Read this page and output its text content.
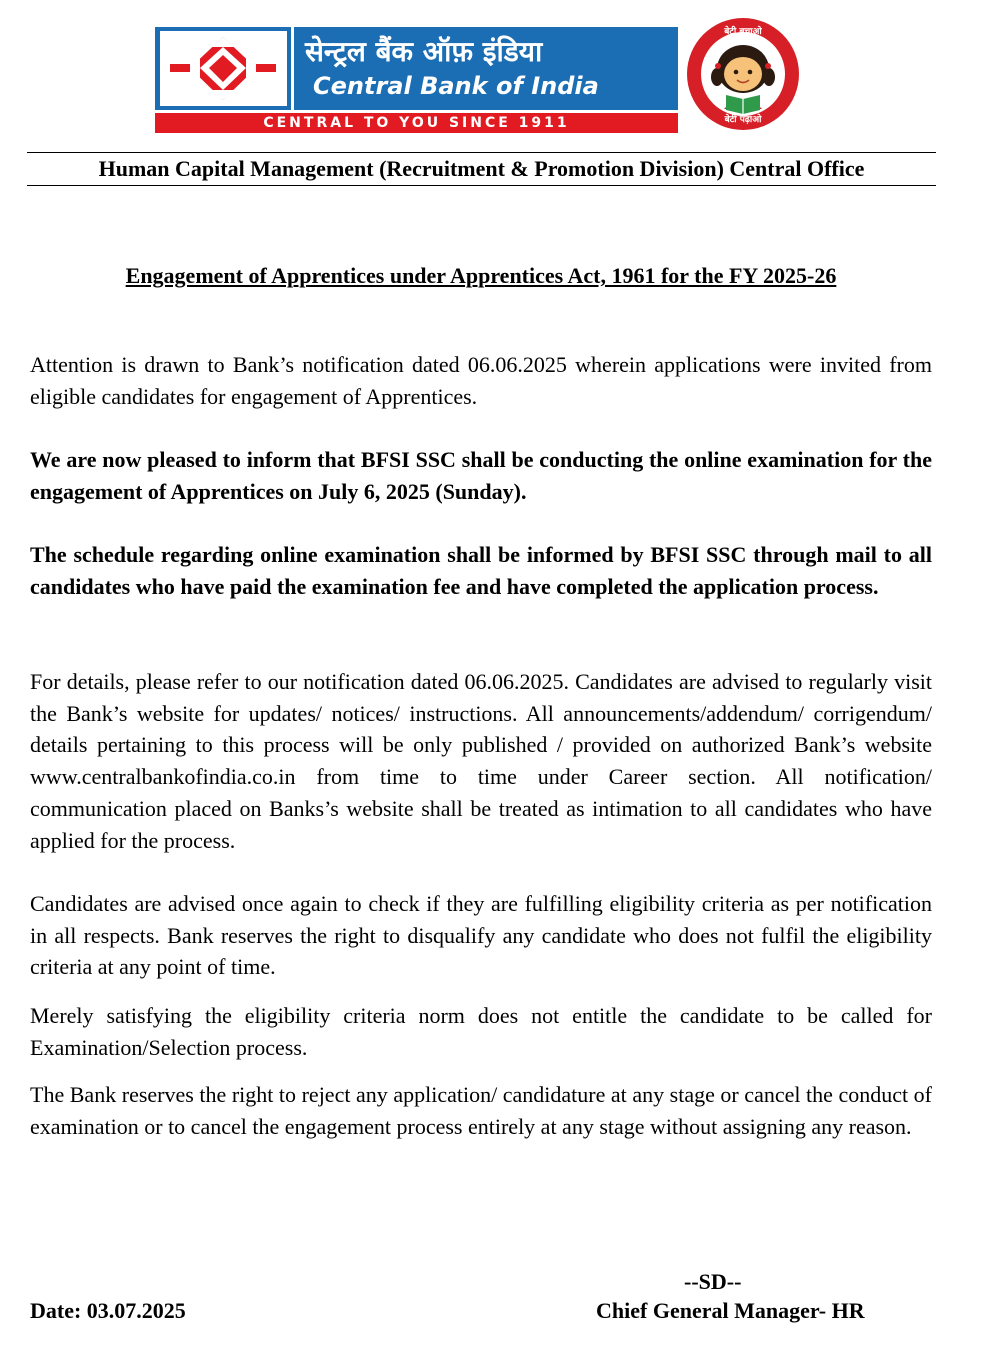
सेन्ट्रल बैंक ऑफ़ इंडिया
Central Bank of India
CENTRAL TO YOU SINCE 1911
बेटी बचाओ
बेटी पढ़ाओ
Human Capital Management (Recruitment & Promotion Division) Central Office
Engagement of Apprentices under Apprentices Act, 1961 for the FY 2025-26

Attention is drawn to Bank’s notification dated 06.06.2025 wherein applications were invited from eligible candidates for engagement of Apprentices.

We are now pleased to inform that BFSI SSC shall be conducting the online examination for the engagement of Apprentices on July 6, 2025 (Sunday).

The schedule regarding online examination shall be informed by BFSI SSC through mail to all candidates who have paid the examination fee and have completed the application process.

For details, please refer to our notification dated 06.06.2025. Candidates are advised to regularly visit the Bank’s website for updates/ notices/ instructions. All announcements/addendum/ corrigendum/ details pertaining to this process will be only published / provided on authorized Bank’s website www.centralbankofindia.co.in from time to time under Career section. All notification/ communication placed on Banks’s website shall be treated as intimation to all candidates who have applied for the process.

Candidates are advised once again to check if they are fulfilling eligibility criteria as per notification in all respects. Bank reserves the right to disqualify any candidate who does not fulfil the eligibility criteria at any point of time.

Merely satisfying the eligibility criteria norm does not entitle the candidate to be called for Examination/Selection process.

The Bank reserves the right to reject any application/ candidature at any stage or cancel the conduct of examination or to cancel the engagement process entirely at any stage without assigning any reason.

--SD--
Date: 03.07.2025	Chief General Manager- HR
